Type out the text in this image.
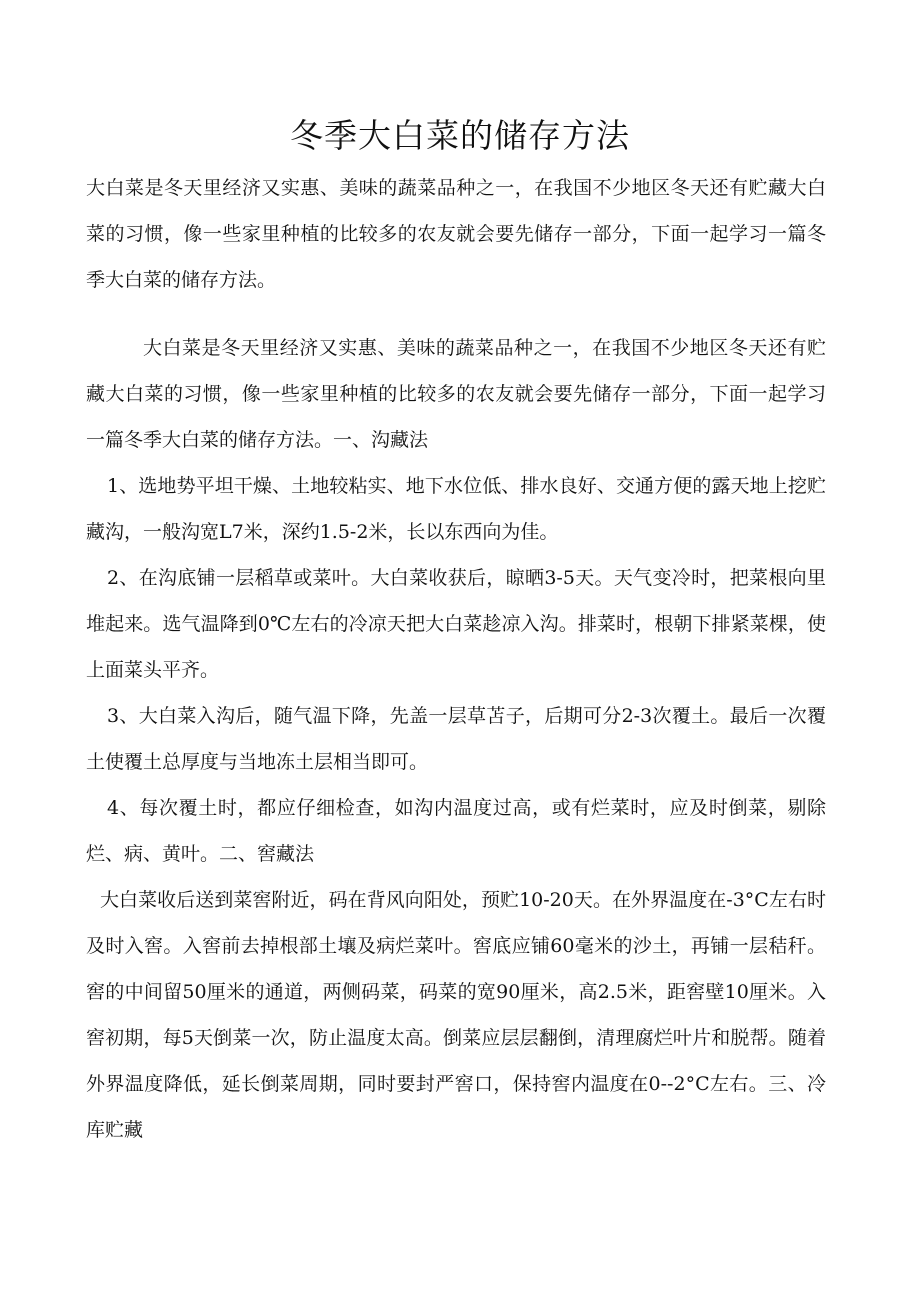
冬季大白菜的储存方法

大白菜是冬天里经济又实惠、美味的蔬菜品种之一，在我国不少地区冬天还有贮藏大白菜的习惯，像一些家里种植的比较多的农友就会要先储存一部分，下面一起学习一篇冬季大白菜的储存方法。

大白菜是冬天里经济又实惠、美味的蔬菜品种之一，在我国不少地区冬天还有贮藏大白菜的习惯，像一些家里种植的比较多的农友就会要先储存一部分，下面一起学习一篇冬季大白菜的储存方法。一、沟藏法

1、选地势平坦干燥、土地较粘实、地下水位低、排水良好、交通方便的露天地上挖贮藏沟，一般沟宽L7米，深约1.5-2米，长以东西向为佳。

2、在沟底铺一层稻草或菜叶。大白菜收获后，晾晒3-5天。天气变冷时，把菜根向里堆起来。选气温降到0℃左右的冷凉天把大白菜趁凉入沟。排菜时，根朝下排紧菜棵，使上面菜头平齐。

3、大白菜入沟后，随气温下降，先盖一层草苫子，后期可分2-3次覆土。最后一次覆土使覆土总厚度与当地冻土层相当即可。

4、每次覆土时，都应仔细检查，如沟内温度过高，或有烂菜时，应及时倒菜，剔除烂、病、黄叶。二、窖藏法

大白菜收后送到菜窖附近，码在背风向阳处，预贮10-20天。在外界温度在-3°C左右时及时入窖。入窖前去掉根部土壤及病烂菜叶。窖底应铺60毫米的沙土，再铺一层秸秆。窖的中间留50厘米的通道，两侧码菜，码菜的宽90厘米，高2.5米，距窖壁10厘米。入窖初期，每5天倒菜一次，防止温度太高。倒菜应层层翻倒，清理腐烂叶片和脱帮。随着外界温度降低，延长倒菜周期，同时要封严窖口，保持窖内温度在0--2°C左右。三、冷库贮藏
